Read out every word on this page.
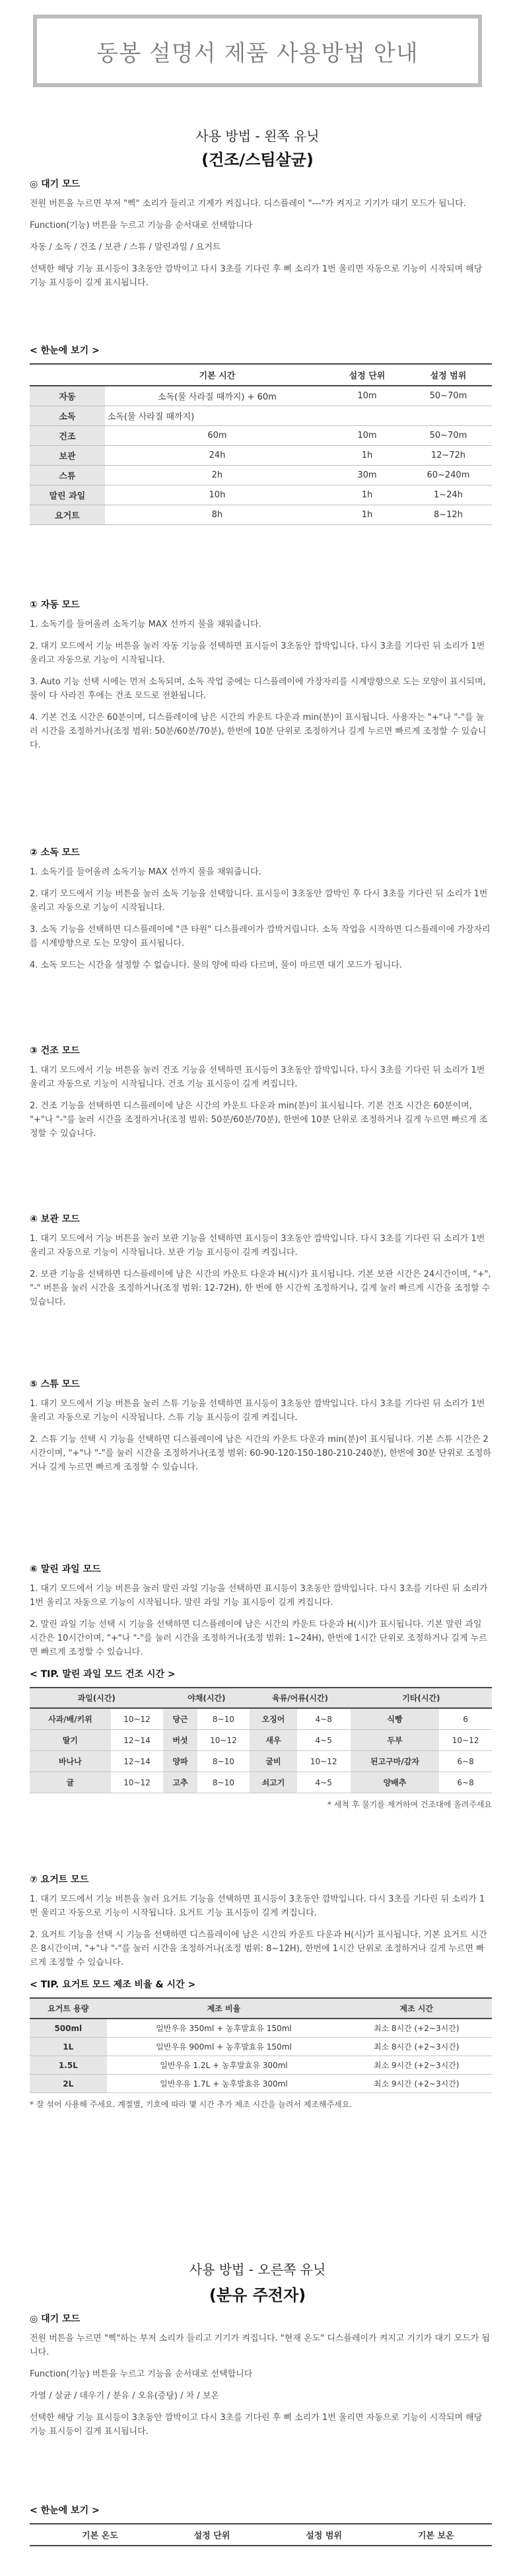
동봉 설명서 제품 사용방법 안내
사용 방법 - 왼쪽 유닛
(건조/스팀살균)
◎ 대기 모드
전원 버튼을 누르면 부저 "삑" 소리가 들리고 기계가 켜집니다. 디스플레이 "---"가 켜지고 기기가 대기 모드가 됩니다.
Function(기능) 버튼을 누르고 기능을 순서대로 선택합니다
자동 / 소독 / 건조 / 보관 / 스튜 / 말린과일 / 요거트
선택한 해당 기능 표시등이 3초동안 깜박이고 다시 3초를 기다린 후 삐 소리가 1번 울리면 자동으로 기능이 시작되며 해당 기능 표시등이 길게 표시됩니다.
< 한눈에 보기 >
	기본 시간	설정 단위	설정 범위
자동	소독(물 사라질 때까지) + 60m	10m	50~70m
소독	소독(물 사라질 때까지)		
건조	60m	10m	50~70m
보관	24h	1h	12~72h
스튜	2h	30m	60~240m
말린 과일	10h	1h	1~24h
요거트	8h	1h	8~12h
① 자동 모드
1. 소독기를 들어올려 소독기능 MAX 선까지 물을 채워줍니다.
2. 대기 모드에서 기능 버튼을 눌러 자동 기능을 선택하면 표시등이 3초동안 깜박입니다. 다시 3초를 기다린 뒤 소리가 1번 울리고 자동으로 기능이 시작됩니다.
3. Auto 기능 선택 시에는 먼저 소독되며, 소독 작업 중에는 디스플레이에 가장자리를 시계방향으로 도는 모양이 표시되며, 물이 다 사라진 후에는 건조 모드로 전환됩니다.
4. 기본 건조 시간은 60분이며, 디스플레이에 남은 시간의 카운트 다운과 min(분)이 표시됩니다. 사용자는 "+"나 "-"를 눌러 시간을 조정하거나(조정 범위: 50분/60분/70분), 한번에 10분 단위로 조정하거나 길게 누르면 빠르게 조정할 수 있습니다.
② 소독 모드
1. 소독기를 들어올려 소독기능 MAX 선까지 물을 채워줍니다.
2. 대기 모드에서 기능 버튼을 눌러 소독 기능을 선택합니다. 표시등이 3초동안 깜박인 후 다시 3초를 기다린 뒤 소리가 1번 울리고 자동으로 기능이 시작됩니다.
3. 소독 기능을 선택하면 디스플레이에 "큰 타원" 디스플레이가 깜박거립니다. 소독 작업을 시작하면 디스플레이에 가장자리를 시계방향으로 도는 모양이 표시됩니다.
4. 소독 모드는 시간을 설정할 수 없습니다. 물의 양에 따라 다르며, 물이 마르면 대기 모드가 됩니다.
③ 건조 모드
1. 대기 모드에서 기능 버튼을 눌러 건조 기능을 선택하면 표시등이 3초동안 깜박입니다. 다시 3초를 기다린 뒤 소리가 1번 울리고 자동으로 기능이 시작됩니다. 건조 기능 표시등이 길게 켜집니다.
2. 건조 기능을 선택하면 디스플레이에 남은 시간의 카운트 다운과 min(분)이 표시됩니다. 기본 건조 시간은 60분이며, "+"나 "-"를 눌러 시간을 조정하거나(조정 범위: 50분/60분/70분), 한번에 10분 단위로 조정하거나 길게 누르면 빠르게 조정할 수 있습니다.
④ 보관 모드
1. 대기 모드에서 기능 버튼을 눌러 보관 기능을 선택하면 표시등이 3초동안 깜박입니다. 다시 3초를 기다린 뒤 소리가 1번 울리고 자동으로 기능이 시작됩니다. 보관 기능 표시등이 길게 켜집니다.
2. 보관 기능을 선택하면 디스플레이에 남은 시간의 카운트 다운과 H(시)가 표시됩니다. 기본 보관 시간은 24시간이며, "+", "-" 버튼을 눌러 시간을 조정하거나(조정 범위: 12-72H), 한 번에 한 시간씩 조정하거나, 길게 눌러 빠르게 시간을 조정할 수 있습니다.
⑤ 스튜 모드
1. 대기 모드에서 기능 버튼을 눌러 스튜 기능을 선택하면 표시등이 3초동안 깜박입니다. 다시 3초를 기다린 뒤 소리가 1번 울리고 자동으로 기능이 시작됩니다. 스튜 기능 표시등이 길게 켜집니다.
2. 스튜 기능 선택 시 기능을 선택하면 디스플레이에 남은 시간의 카운트 다운과 min(분)이 표시됩니다. 기본 스튜 시간은 2시간이며, "+"나 "-"를 눌러 시간을 조정하거나(조정 범위: 60-90-120-150-180-210-240분), 한번에 30분 단위로 조정하거나 길게 누르면 빠르게 조정할 수 있습니다.
⑥ 말린 과일 모드
1. 대기 모드에서 기능 버튼을 눌러 말린 과일 기능을 선택하면 표시등이 3초동안 깜박입니다. 다시 3초를 기다린 뒤 소리가 1번 울리고 자동으로 기능이 시작됩니다. 말린 과일 기능 표시등이 길게 켜집니다.
2. 말린 과일 기능 선택 시 기능을 선택하면 디스플레이에 남은 시간의 카운트 다운과 H(시)가 표시됩니다. 기본 말린 과일 시간은 10시간이며, "+"나 "-"를 눌러 시간을 조정하거나(조정 범위: 1~24H), 한번에 1시간 단위로 조정하거나 길게 누르면 빠르게 조정할 수 있습니다.
< TIP. 말린 과일 모드 건조 시간 >
과일(시간)		야채(시간)		육류/어류(시간)		기타(시간)	
사과/배/키위	10~12	당근	8~10	오징어	4~8	식빵	6
딸기	12~14	버섯	10~12	새우	4~5	두부	10~12
바나나	12~14	양파	8~10	굴비	10~12	된고구마/감자	6~8
귤	10~12	고추	8~10	쇠고기	4~5	양배추	6~8
* 세척 후 물기를 제거하여 건조대에 올려주세요
⑦ 요거트 모드
1. 대기 모드에서 기능 버튼을 눌러 요거트 기능을 선택하면 표시등이 3초동안 깜박입니다. 다시 3초를 기다린 뒤 소리가 1번 울리고 자동으로 기능이 시작됩니다. 요거트 기능 표시등이 길게 켜집니다.
2. 요거트 기능을 선택 시 기능을 선택하면 디스플레이에 남은 시간의 카운트 다운과 H(시)가 표시됩니다. 기본 요거트 시간은 8시간이며, "+"나 "-"를 눌러 시간을 조정하거나(조정 범위: 8~12H), 한번에 1시간 단위로 조정하거나 길게 누르면 빠르게 조정할 수 있습니다.
< TIP. 요거트 모드 제조 비율 & 시간 >
요거트 용량	제조 비율	제조 시간
500ml	일반우유 350ml + 농후발효유 150ml	최소 8시간 (+2~3시간)
1L	일반우유 900ml + 농후발효유 150ml	최소 8시간 (+2~3시간)
1.5L	일반우유 1.2L + 농후발효유 300ml	최소 9시간 (+2~3시간)
2L	일반우유 1.7L + 농후발효유 300ml	최소 9시간 (+2~3시간)
* 잘 섞어 사용해 주세요. 계절별, 기호에 따라 몇 시간 추가 제조 시간을 늘려서 제조해주세요.
사용 방법 - 오른쪽 유닛
(분유 주전자)
◎ 대기 모드
전원 버튼을 누르면 "삑"하는 부저 소리가 들리고 기기가 켜집니다. "현재 온도" 디스플레이가 켜지고 기기가 대기 모드가 됩니다.
Function(기능) 버튼을 누르고 기능을 순서대로 선택합니다
가열 / 살균 / 데우기 / 분유 / 오유(증탕) / 차 / 보온
선택한 해당 기능 표시등이 3초동안 깜박이고 다시 3초를 기다린 후 삐 소리가 1번 울리면 자동으로 기능이 시작되며 해당 기능 표시등이 길게 표시됩니다.
< 한눈에 보기 >
	기본 온도	설정 단위	설정 범위	기본 보온
